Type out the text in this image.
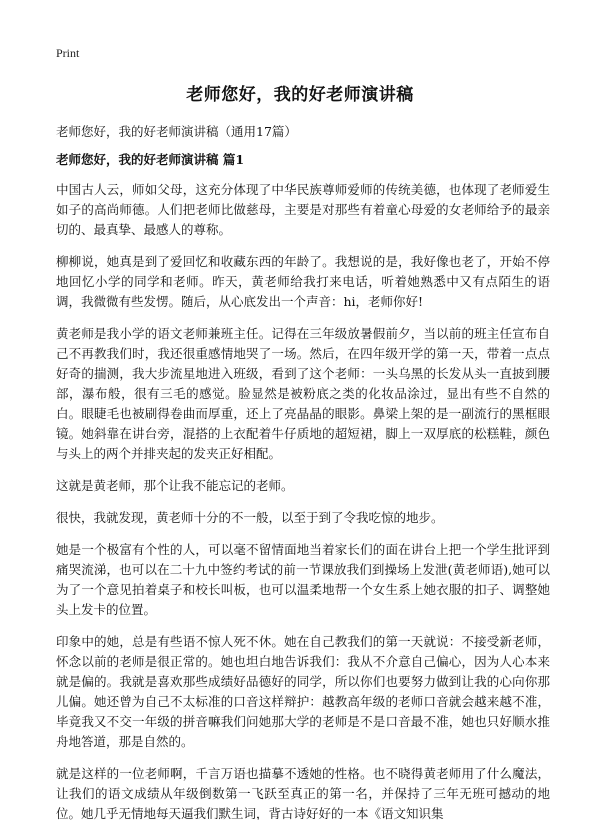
Print
老师您好，我的好老师演讲稿

老师您好，我的好老师演讲稿（通用17篇）

老师您好，我的好老师演讲稿 篇1

中国古人云，师如父母，这充分体现了中华民族尊师爱师的传统美德，也体现了老师爱生如子的高尚师德。人们把老师比做慈母，主要是对那些有着童心母爱的女老师给予的最亲切的、最真挚、最感人的尊称。

柳柳说，她真是到了爱回忆和收藏东西的年龄了。我想说的是，我好像也老了，开始不停地回忆小学的同学和老师。昨天，黄老师给我打来电话，听着她熟悉中又有点陌生的语调，我微微有些发愣。随后，从心底发出一个声音：hi，老师你好!

黄老师是我小学的语文老师兼班主任。记得在三年级放暑假前夕，当以前的班主任宣布自己不再教我们时，我还很重感情地哭了一场。然后，在四年级开学的第一天，带着一点点好奇的揣测，我大步流星地进入班级，看到了这个老师：一头乌黑的长发从头一直披到腰部，瀑布般，很有三毛的感觉。脸显然是被粉底之类的化妆品涂过，显出有些不自然的白。眼睫毛也被刷得卷曲而厚重，还上了亮晶晶的眼影。鼻梁上架的是一副流行的黑框眼镜。她斜靠在讲台旁，混搭的上衣配着牛仔质地的超短裙，脚上一双厚底的松糕鞋，颜色与头上的两个并排夹起的发夹正好相配。

这就是黄老师，那个让我不能忘记的老师。

很快，我就发现，黄老师十分的不一般，以至于到了令我吃惊的地步。

她是一个极富有个性的人，可以毫不留情面地当着家长们的面在讲台上把一个学生批评到痛哭流涕，也可以在二十九中签约考试的前一节课放我们到操场上发泄(黄老师语),她可以为了一个意见拍着桌子和校长叫板，也可以温柔地帮一个女生系上她衣服的扣子、调整她头上发卡的位置。

印象中的她，总是有些语不惊人死不休。她在自己教我们的第一天就说：不接受新老师，怀念以前的老师是很正常的。她也坦白地告诉我们：我从不介意自己偏心，因为人心本来就是偏的。我就是喜欢那些成绩好品德好的同学，所以你们也要努力做到让我的心向你那儿偏。她还曾为自己不太标准的口音这样辩护：越教高年级的老师口音就会越来越不准，毕竟我又不交一年级的拼音嘛我们问她那大学的老师是不是口音最不准，她也只好顺水推舟地答道，那是自然的。

就是这样的一位老师啊，千言万语也描摹不透她的性格。也不晓得黄老师用了什么魔法，让我们的语文成绩从年级倒数第一飞跃至真正的第一名，并保持了三年无班可撼动的地位。她几乎无情地每天逼我们默生词，背古诗好好的一本《语文知识集
